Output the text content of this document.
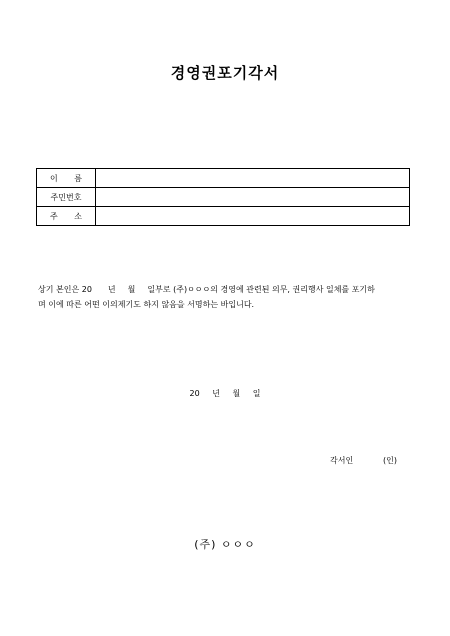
경영권포기각서
이 름	
주민번호	
주 소	
상기 본인은 20 년 월 일부로 (주)ㅇㅇㅇ의 경영에 관련된 의무, 권리행사 일체를 포기하
며 이에 따른 어떤 이의제기도 하지 않음을 서명하는 바입니다.
20 년 월 일
각서인	(인)
(주) ㅇㅇㅇ
